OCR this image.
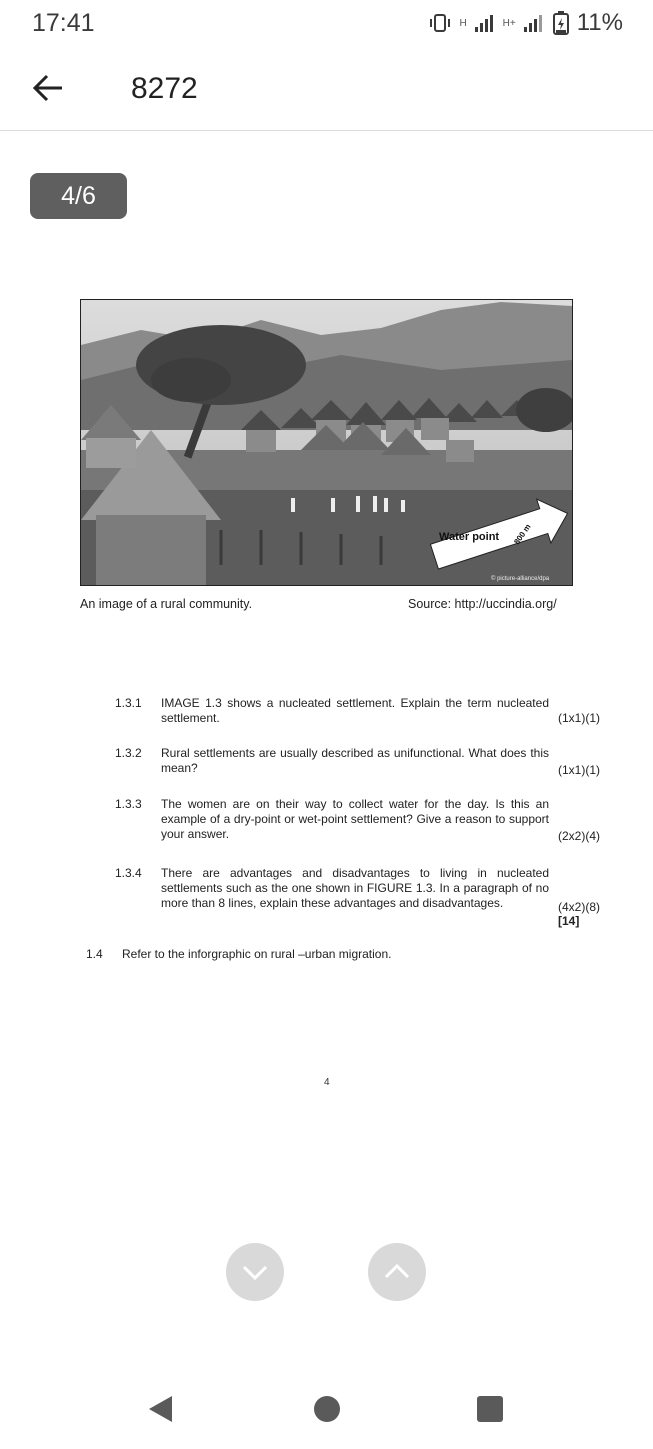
17:41	H	H+	11%
8272
4/6
Water point 800 m
© picture-alliance/dpa
An image of a rural community.	Source: http://uccindia.org/
1.3.1 IMAGE 1.3 shows a nucleated settlement. Explain the term nucleated settlement.	(1x1)(1)
1.3.2 Rural settlements are usually described as unifunctional. What does this mean?	(1x1)(1)
1.3.3 The women are on their way to collect water for the day. Is this an example of a dry-point or wet-point settlement? Give a reason to support your answer.	(2x2)(4)
1.3.4 There are advantages and disadvantages to living in nucleated settlements such as the one shown in FIGURE 1.3. In a paragraph of no more than 8 lines, explain these advantages and disadvantages.	(4x2)(8)
[14]
1.4 Refer to the inforgraphic on rural –urban migration.
4
